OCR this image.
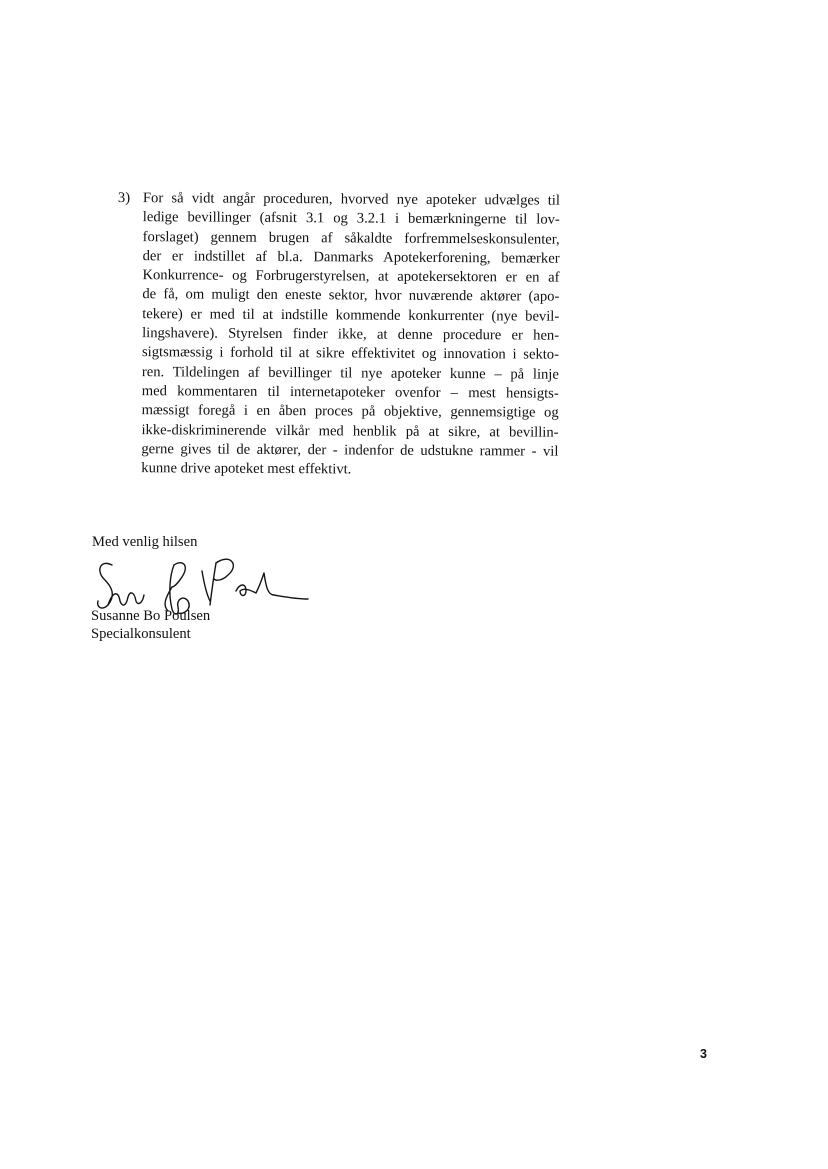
3) For så vidt angår proceduren, hvorved nye apoteker udvælges til
ledige bevillinger (afsnit 3.1 og 3.2.1 i bemærkningerne til lov-
forslaget) gennem brugen af såkaldte forfremmelseskonsulenter,
der er indstillet af bl.a. Danmarks Apotekerforening, bemærker
Konkurrence- og Forbrugerstyrelsen, at apotekersektoren er en af
de få, om muligt den eneste sektor, hvor nuværende aktører (apo-
tekere) er med til at indstille kommende konkurrenter (nye bevil-
lingshavere). Styrelsen finder ikke, at denne procedure er hen-
sigtsmæssig i forhold til at sikre effektivitet og innovation i sekto-
ren. Tildelingen af bevillinger til nye apoteker kunne – på linje
med kommentaren til internetapoteker ovenfor – mest hensigts-
mæssigt foregå i en åben proces på objektive, gennemsigtige og
ikke-diskriminerende vilkår med henblik på at sikre, at bevillin-
gerne gives til de aktører, der - indenfor de udstukne rammer - vil
kunne drive apoteket mest effektivt.
Med venlig hilsen
Susanne Bo Poulsen
Specialkonsulent
3
